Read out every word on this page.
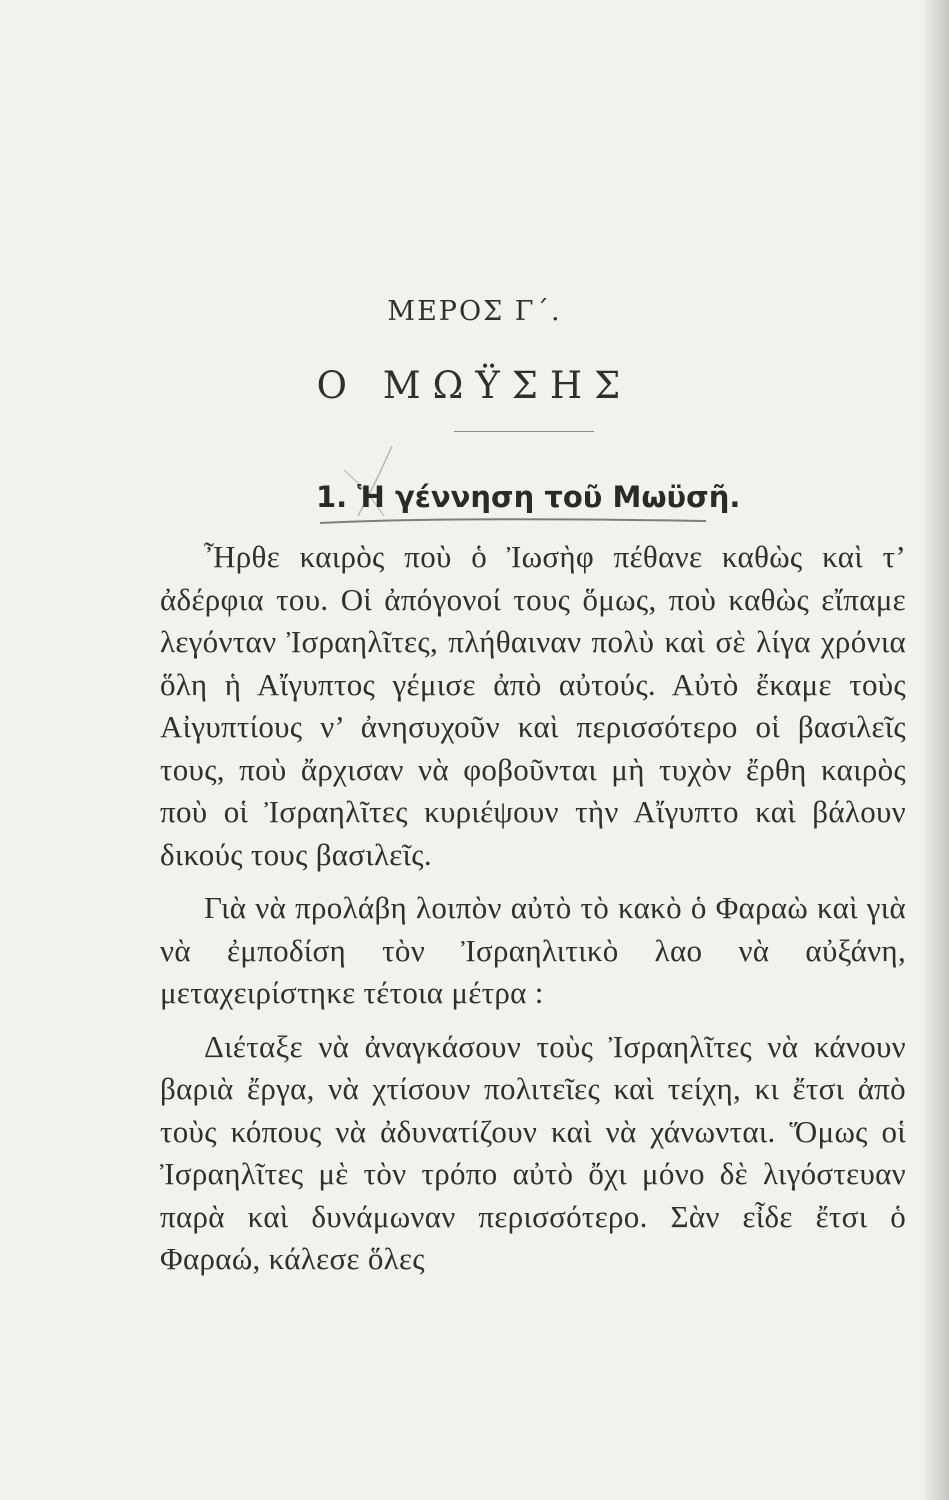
ΜΕΡΟΣ Γ΄.
Ο ΜΩΫΣΗΣ
1. Ἡ γέννηση τοῦ Μωϋσῆ.

Ἦρθε καιρὸς ποὺ ὁ Ἰωσὴφ πέθανε καθὼς καὶ τ’ ἀδέρφια του. Οἱ ἀπόγονοί τους ὅμως, ποὺ καθὼς εἴπαμε λεγόνταν Ἰσραηλῖτες, πλήθαιναν πολὺ καὶ σὲ λίγα χρόνια ὅλη ἡ Αἴγυπτος γέμισε ἀπὸ αὐτούς. Αὐτὸ ἔκαμε τοὺς Αἰγυπτίους ν’ ἀνησυχοῦν καὶ περισσότερο οἱ βασιλεῖς τους, ποὺ ἄρχισαν νὰ φοβοῦνται μὴ τυχὸν ἔρθη καιρὸς ποὺ οἱ Ἰσραηλῖτες κυριέψουν τὴν Αἴγυπτο καὶ βάλουν δικούς τους βασιλεῖς.

Γιὰ νὰ προλάβη λοιπὸν αὐτὸ τὸ κακὸ ὁ Φαραὼ καὶ γιὰ νὰ ἐμποδίση τὸν Ἰσραηλιτικὸ λαο νὰ αὐξάνη, μεταχειρίστηκε τέτοια μέτρα :

Διέταξε νὰ ἀναγκάσουν τοὺς Ἰσραηλῖτες νὰ κάνουν βαριὰ ἔργα, νὰ χτίσουν πολιτεῖες καὶ τείχη, κι ἔτσι ἀπὸ τοὺς κόπους νὰ ἀδυνατίζουν καὶ νὰ χάνωνται. Ὅμως οἱ Ἰσραηλῖτες μὲ τὸν τρόπο αὐτὸ ὄχι μόνο δὲ λιγόστευαν παρὰ καὶ δυνάμωναν περισσότερο. Σὰν εἶδε ἔτσι ὁ Φαραώ, κάλεσε ὅλες
